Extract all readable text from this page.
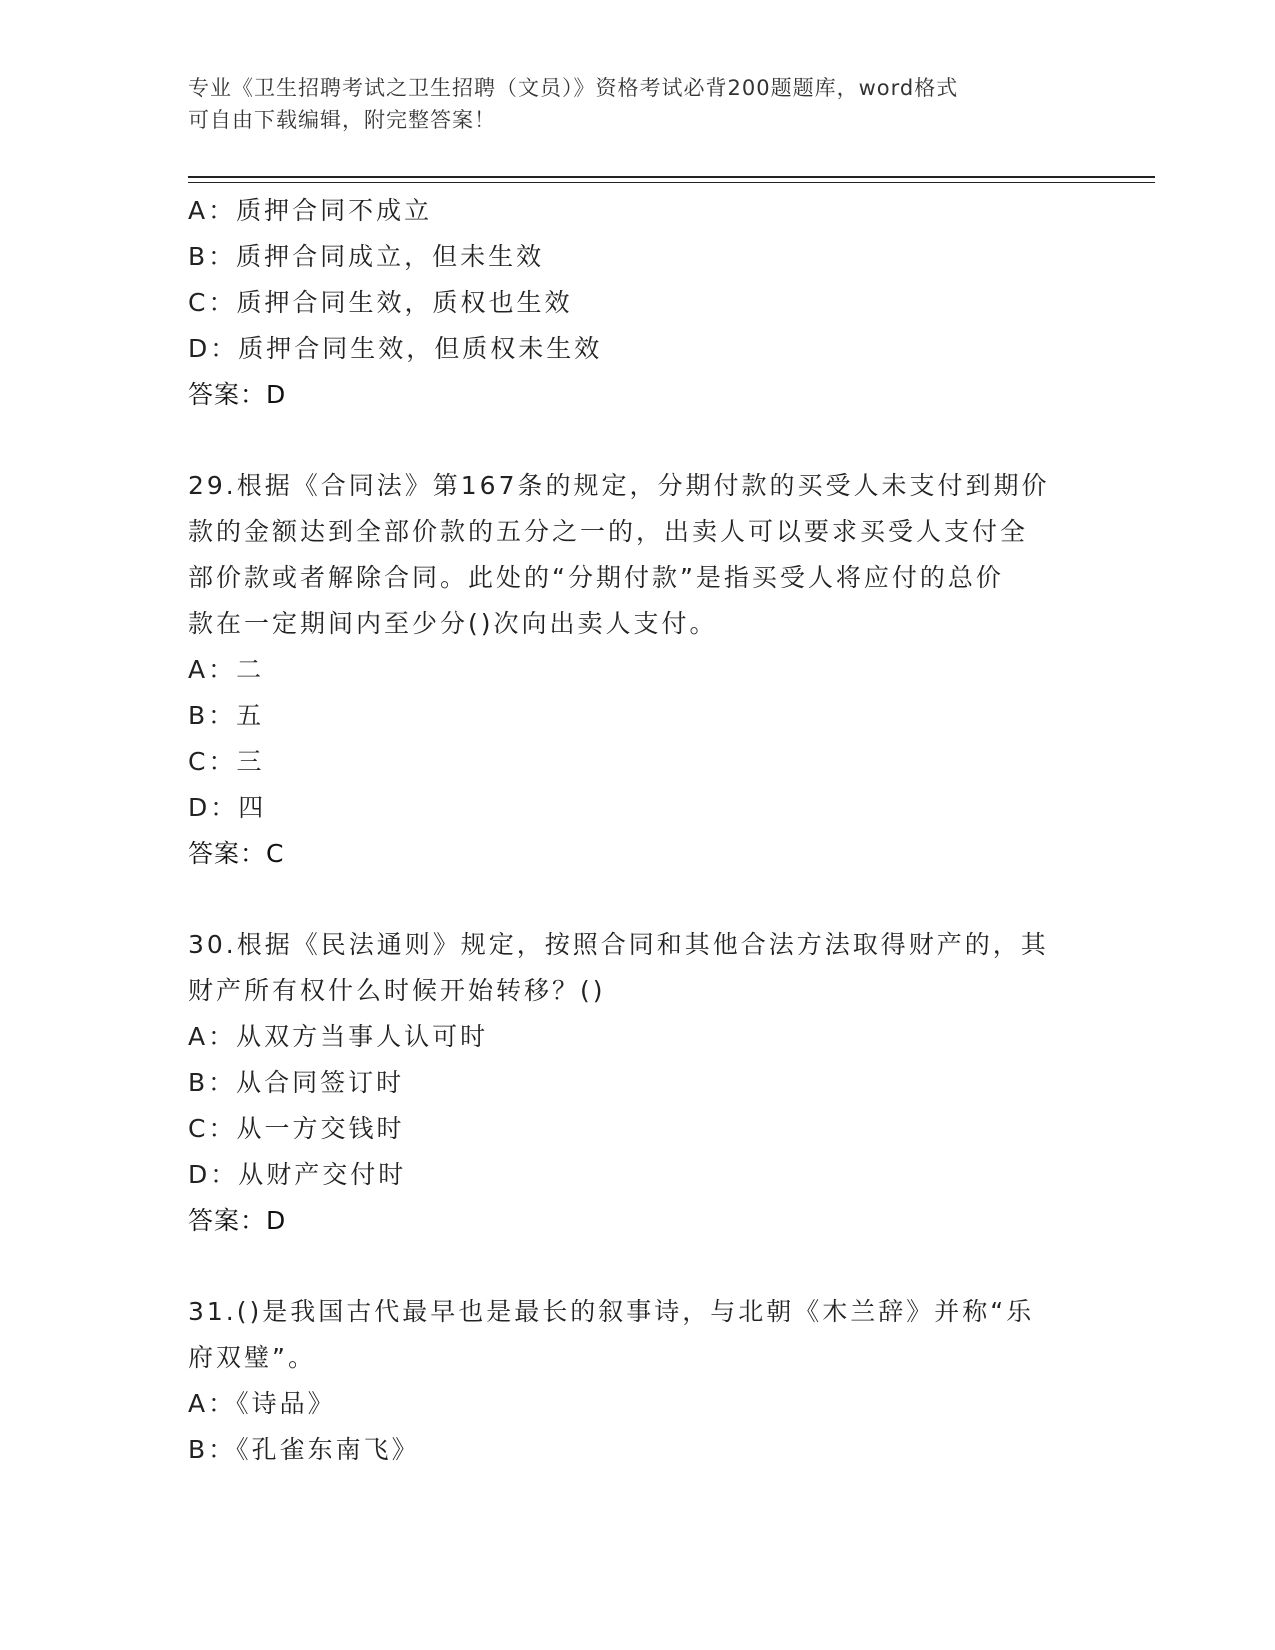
专业《卫生招聘考试之卫生招聘（文员）》资格考试必背200题题库，word格式
可自由下载编辑，附完整答案！
A：质押合同不成立
B：质押合同成立，但未生效
C：质押合同生效，质权也生效
D：质押合同生效，但质权未生效
答案：D
29.根据《合同法》第167条的规定，分期付款的买受人未支付到期价
款的金额达到全部价款的五分之一的，出卖人可以要求买受人支付全
部价款或者解除合同。此处的“分期付款”是指买受人将应付的总价
款在一定期间内至少分()次向出卖人支付。
A：二
B：五
C：三
D：四
答案：C
30.根据《民法通则》规定，按照合同和其他合法方法取得财产的，其
财产所有权什么时候开始转移？()
A：从双方当事人认可时
B：从合同签订时
C：从一方交钱时
D：从财产交付时
答案：D
31.()是我国古代最早也是最长的叙事诗，与北朝《木兰辞》并称“乐
府双璧”。
A：《诗品》
B：《孔雀东南飞》
